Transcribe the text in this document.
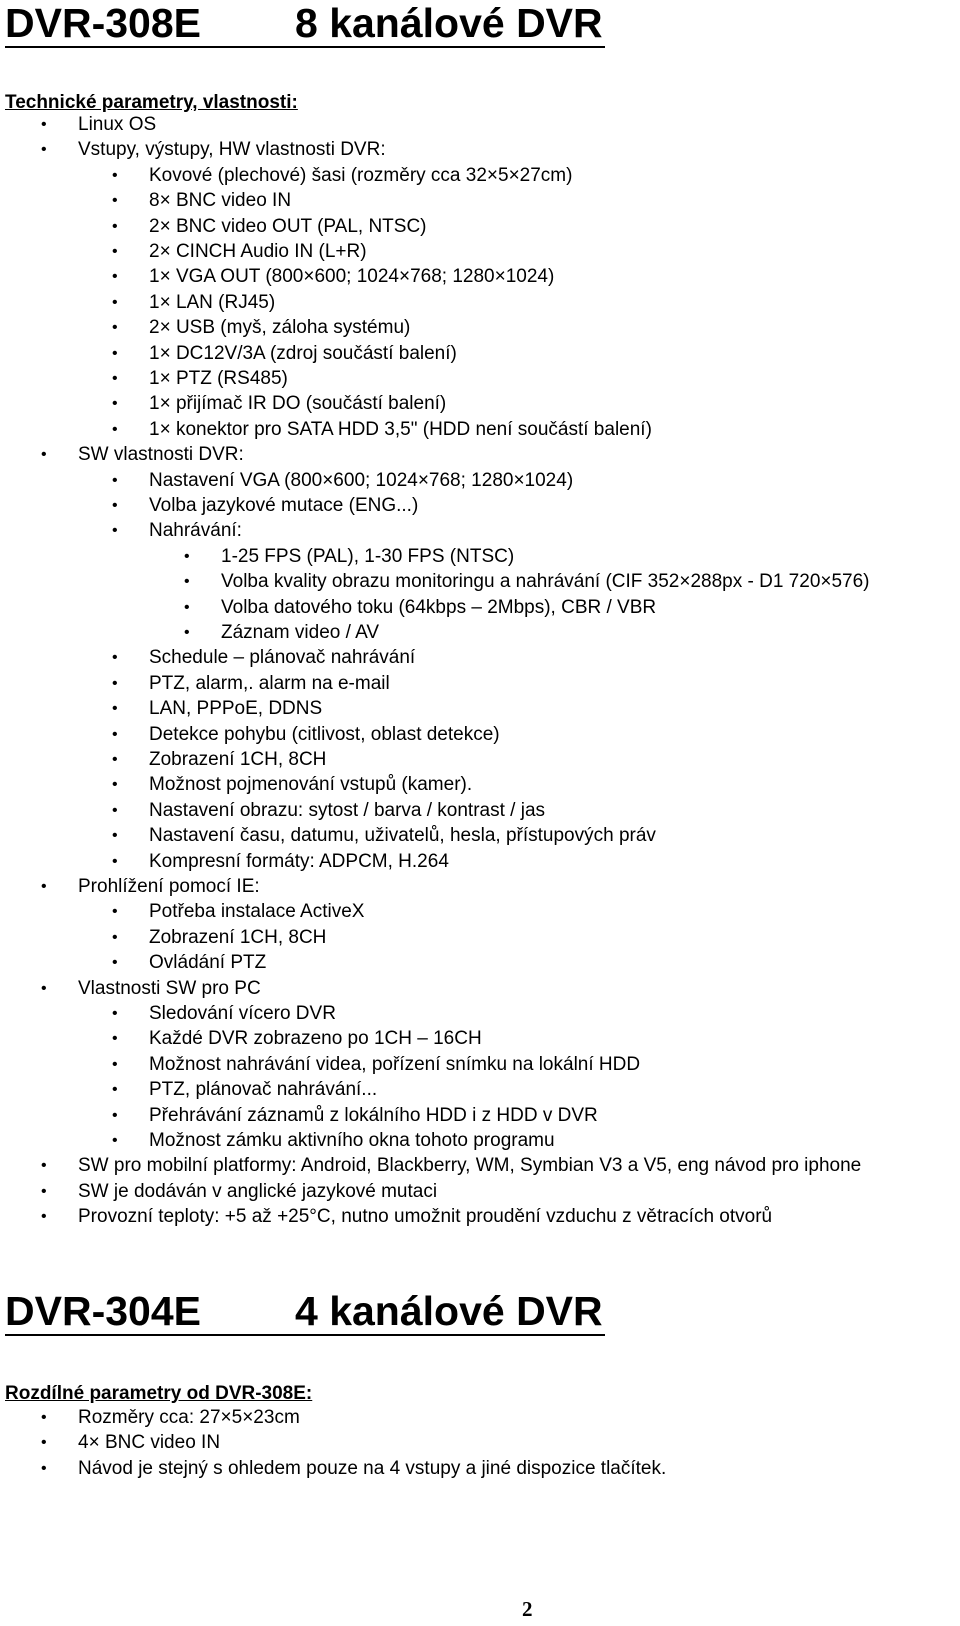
DVR-308E 8 kanálové DVR
Technické parametry, vlastnosti:
• Linux OS
• Vstupy, výstupy, HW vlastnosti DVR:
• Kovové (plechové) šasi (rozměry cca 32×5×27cm)
• 8× BNC video IN
• 2× BNC video OUT (PAL, NTSC)
• 2× CINCH Audio IN (L+R)
• 1× VGA OUT (800×600; 1024×768; 1280×1024)
• 1× LAN (RJ45)
• 2× USB (myš, záloha systému)
• 1× DC12V/3A (zdroj součástí balení)
• 1× PTZ (RS485)
• 1× přijímač IR DO (součástí balení)
• 1× konektor pro SATA HDD 3,5" (HDD není součástí balení)
• SW vlastnosti DVR:
• Nastavení VGA (800×600; 1024×768; 1280×1024)
• Volba jazykové mutace (ENG...)
• Nahrávání:
• 1-25 FPS (PAL), 1-30 FPS (NTSC)
• Volba kvality obrazu monitoringu a nahrávání (CIF 352×288px - D1 720×576)
• Volba datového toku (64kbps – 2Mbps), CBR / VBR
• Záznam video / AV
• Schedule – plánovač nahrávání
• PTZ, alarm,. alarm na e-mail
• LAN, PPPoE, DDNS
• Detekce pohybu (citlivost, oblast detekce)
• Zobrazení 1CH, 8CH
• Možnost pojmenování vstupů (kamer).
• Nastavení obrazu: sytost / barva / kontrast / jas
• Nastavení času, datumu, uživatelů, hesla, přístupových práv
• Kompresní formáty: ADPCM, H.264
• Prohlížení pomocí IE:
• Potřeba instalace ActiveX
• Zobrazení 1CH, 8CH
• Ovládání PTZ
• Vlastnosti SW pro PC
• Sledování vícero DVR
• Každé DVR zobrazeno po 1CH – 16CH
• Možnost nahrávání videa, pořízení snímku na lokální HDD
• PTZ, plánovač nahrávání...
• Přehrávání záznamů z lokálního HDD i z HDD v DVR
• Možnost zámku aktivního okna tohoto programu
• SW pro mobilní platformy: Android, Blackberry, WM, Symbian V3 a V5, eng návod pro iphone
• SW je dodáván v anglické jazykové mutaci
• Provozní teploty: +5 až +25°C, nutno umožnit proudění vzduchu z větracích otvorů
DVR-304E 4 kanálové DVR
Rozdílné parametry od DVR-308E:
• Rozměry cca: 27×5×23cm
• 4× BNC video IN
• Návod je stejný s ohledem pouze na 4 vstupy a jiné dispozice tlačítek.
2
